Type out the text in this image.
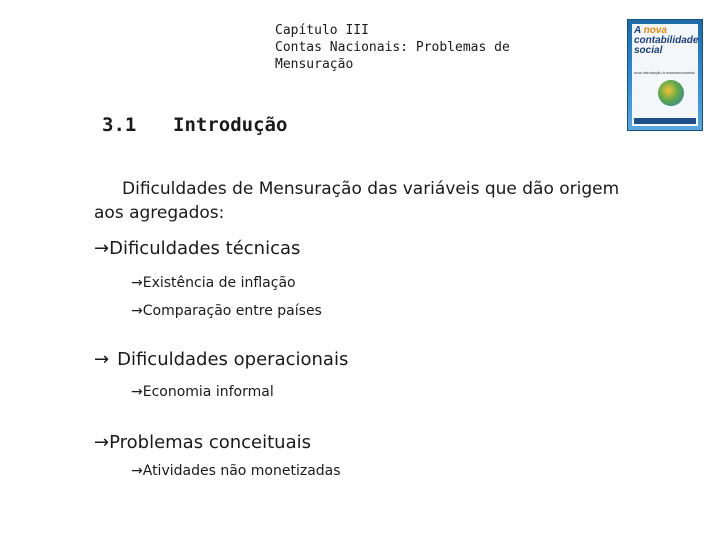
Capítulo III
Contas Nacionais: Problemas de
Mensuração
A nova
contabilidade social
uma introdução à macroeconomia
3.1 Introdução

Dificuldades de Mensuração das variáveis que dão origem aos agregados:

→Dificuldades técnicas
→Existência de inflação
→Comparação entre países
→ Dificuldades operacionais
→Economia informal
→Problemas conceituais
→Atividades não monetizadas
